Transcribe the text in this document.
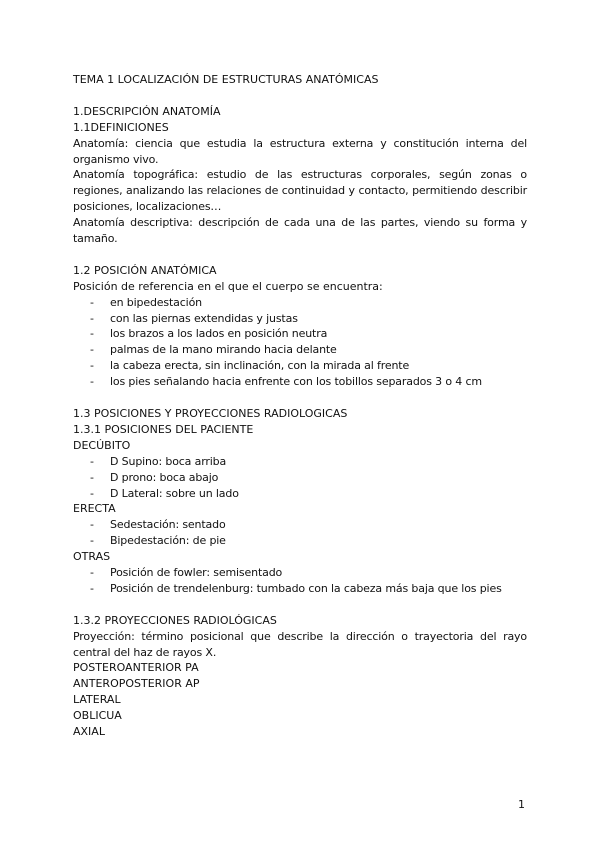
TEMA 1 LOCALIZACIÓN DE ESTRUCTURAS ANATÓMICAS

1.DESCRIPCIÓN ANATOMÍA

1.1DEFINICIONES

Anatomía: ciencia que estudia la estructura externa y constitución interna del organismo vivo.

Anatomía topográfica: estudio de las estructuras corporales, según zonas o regiones, analizando las relaciones de continuidad y contacto, permitiendo describir posiciones, localizaciones…

Anatomía descriptiva: descripción de cada una de las partes, viendo su forma y tamaño.

1.2 POSICIÓN ANATÓMICA

Posición de referencia en el que el cuerpo se encuentra:

- en bipedestación
- con las piernas extendidas y justas
- los brazos a los lados en posición neutra
- palmas de la mano mirando hacia delante
- la cabeza erecta, sin inclinación, con la mirada al frente
- los pies señalando hacia enfrente con los tobillos separados 3 o 4 cm

1.3 POSICIONES Y PROYECCIONES RADIOLOGICAS

1.3.1 POSICIONES DEL PACIENTE

DECÚBITO

- D Supino: boca arriba
- D prono: boca abajo
- D Lateral: sobre un lado

ERECTA

- Sedestación: sentado
- Bipedestación: de pie

OTRAS

- Posición de fowler: semisentado
- Posición de trendelenburg: tumbado con la cabeza más baja que los pies

1.3.2 PROYECCIONES RADIOLÓGICAS

Proyección: término posicional que describe la dirección o trayectoria del rayo central del haz de rayos X.

POSTEROANTERIOR PA

ANTEROPOSTERIOR AP

LATERAL

OBLICUA

AXIAL

1
